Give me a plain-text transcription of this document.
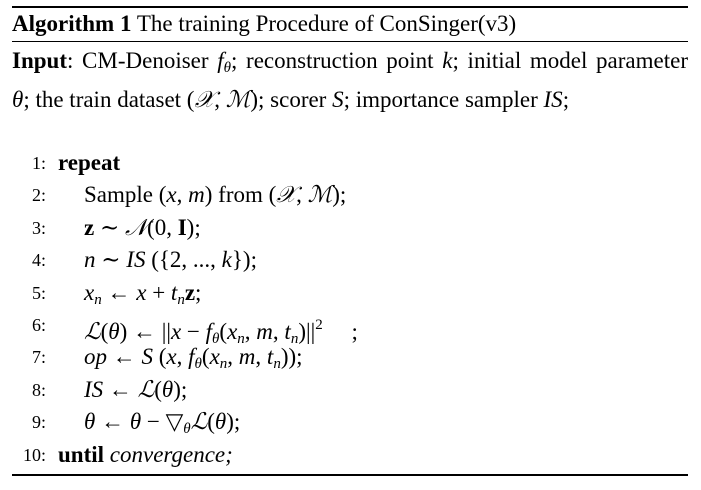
Algorithm 1 The training Procedure of ConSinger(v3)
Input: CM-Denoiser $f_\theta$; reconstruction point k; initial model parameter θ; the train dataset (𝒳, ℳ); scorer S; importance sampler IS;
1: repeat
2: Sample (x, m) from (𝒳, ℳ);
3: z ∼ 𝒩(0, I);
4: n ∼ IS ({2, ..., k});
5: $x_n$ ← $x + t_nz$;
6: ℒ(θ) ← $||x - f_\theta(x_n$, m, $t_n)||^2$     ;
7: op ← S (x, $f_\theta(x_n$, m, $t_n$));
8: IS ← ℒ(θ);
9: θ ← $\theta - ▽_\theta ℒ(\theta)$;
10: until convergence;
